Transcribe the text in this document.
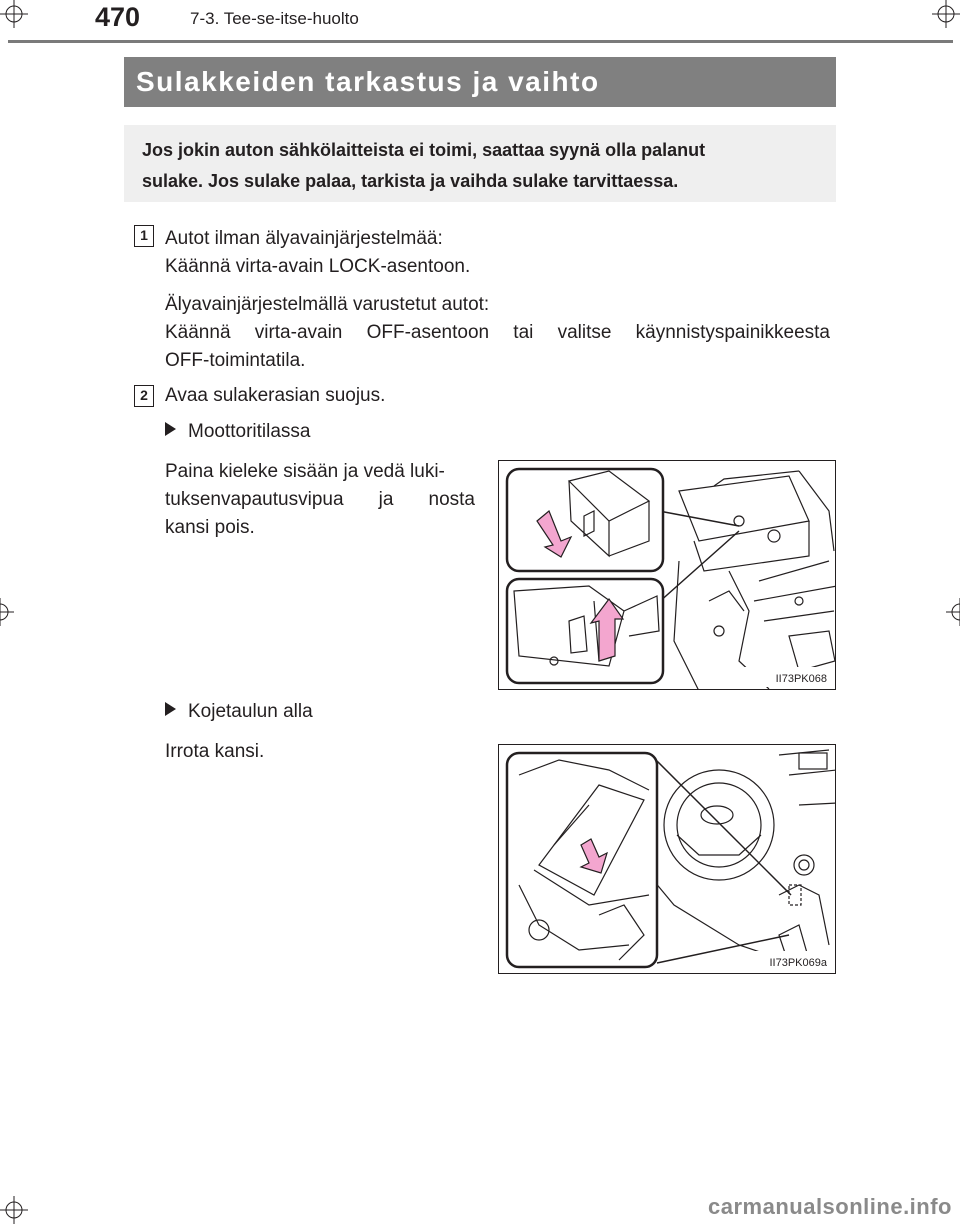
470	7-3. Tee-se-itse-huolto
Sulakkeiden tarkastus ja vaihto
Jos jokin auton sähkölaitteista ei toimi, saattaa syynä olla palanut
sulake. Jos sulake palaa, tarkista ja vaihda sulake tarvittaessa.
1 Autot ilman älyavainjärjestelmää:
Käännä virta-avain LOCK-asentoon.
Älyavainjärjestelmällä varustetut autot:
Käännä virta-avain OFF-asentoon tai valitse käynnistyspainikkeesta
OFF-toimintatila.
2 Avaa sulakerasian suojus.
Moottoritilassa
Paina kieleke sisään ja vedä luki-
tuksenvapautusvipua ja nosta
kansi pois.
II73PK068
Kojetaulun alla
Irrota kansi.
II73PK069a
carmanualsonline.info
